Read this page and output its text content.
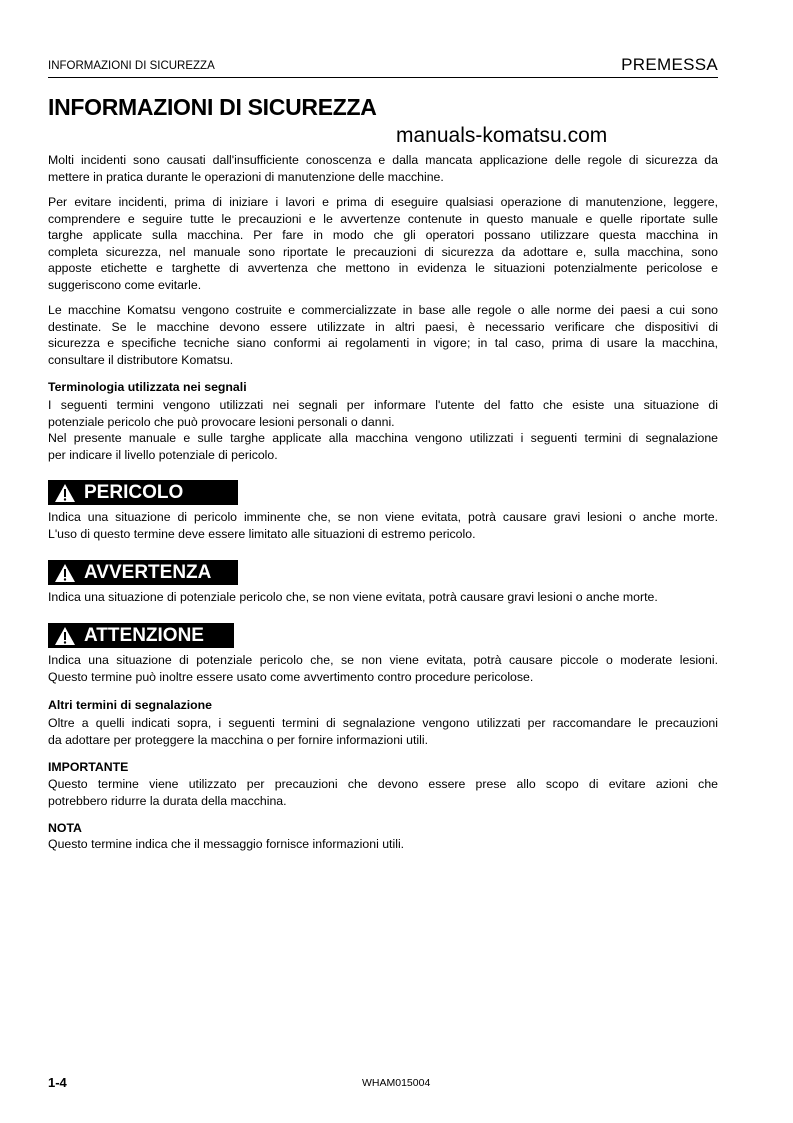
INFORMAZIONI DI SICUREZZA	PREMESSA
INFORMAZIONI DI SICUREZZA
manuals-komatsu.com
Molti incidenti sono causati dall'insufficiente conoscenza e dalla mancata applicazione delle regole di sicurezza da
mettere in pratica durante le operazioni di manutenzione delle macchine.
Per evitare incidenti, prima di iniziare i lavori e prima di eseguire qualsiasi operazione di manutenzione, leggere,
comprendere e seguire tutte le precauzioni e le avvertenze contenute in questo manuale e quelle riportate sulle
targhe applicate sulla macchina. Per fare in modo che gli operatori possano utilizzare questa macchina in
completa sicurezza, nel manuale sono riportate le precauzioni di sicurezza da adottare e, sulla macchina, sono
apposte etichette e targhette di avvertenza che mettono in evidenza le situazioni potenzialmente pericolose e
suggeriscono come evitarle.
Le macchine Komatsu vengono costruite e commercializzate in base alle regole o alle norme dei paesi a cui sono
destinate. Se le macchine devono essere utilizzate in altri paesi, è necessario verificare che dispositivi di
sicurezza e specifiche tecniche siano conformi ai regolamenti in vigore; in tal caso, prima di usare la macchina,
consultare il distributore Komatsu.
Terminologia utilizzata nei segnali
I seguenti termini vengono utilizzati nei segnali per informare l'utente del fatto che esiste una situazione di
potenziale pericolo che può provocare lesioni personali o danni.
Nel presente manuale e sulle targhe applicate alla macchina vengono utilizzati i seguenti termini di segnalazione
per indicare il livello potenziale di pericolo.
PERICOLO
Indica una situazione di pericolo imminente che, se non viene evitata, potrà causare gravi lesioni o anche morte.
L'uso di questo termine deve essere limitato alle situazioni di estremo pericolo.
AVVERTENZA
Indica una situazione di potenziale pericolo che, se non viene evitata, potrà causare gravi lesioni o anche morte.
ATTENZIONE
Indica una situazione di potenziale pericolo che, se non viene evitata, potrà causare piccole o moderate lesioni.
Questo termine può inoltre essere usato come avvertimento contro procedure pericolose.
Altri termini di segnalazione
Oltre a quelli indicati sopra, i seguenti termini di segnalazione vengono utilizzati per raccomandare le precauzioni
da adottare per proteggere la macchina o per fornire informazioni utili.
IMPORTANTE
Questo termine viene utilizzato per precauzioni che devono essere prese allo scopo di evitare azioni che
potrebbero ridurre la durata della macchina.
NOTA
Questo termine indica che il messaggio fornisce informazioni utili.
1-4	WHAM015004
